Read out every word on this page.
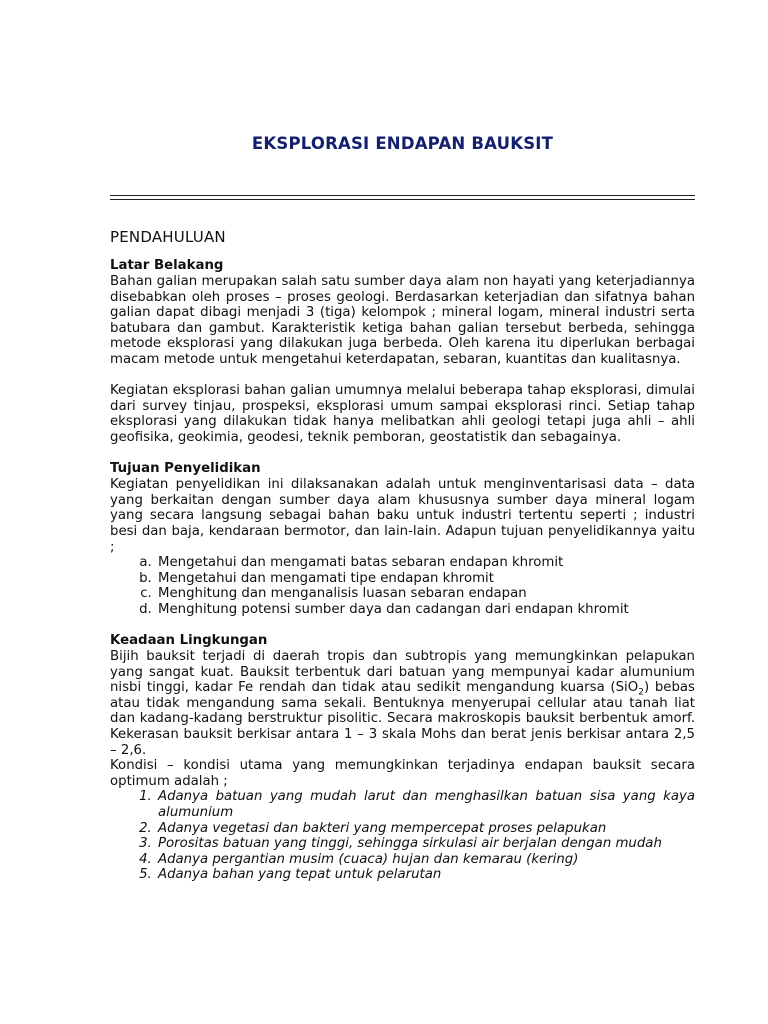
EKSPLORASI ENDAPAN BAUKSIT
PENDAHULUAN
Latar Belakang

Bahan galian merupakan salah satu sumber daya alam non hayati yang keterjadiannya disebabkan oleh proses – proses geologi. Berdasarkan keterjadian dan sifatnya bahan galian dapat dibagi menjadi 3 (tiga) kelompok ; mineral logam, mineral industri serta batubara dan gambut. Karakteristik ketiga bahan galian tersebut berbeda, sehingga metode eksplorasi yang dilakukan juga berbeda. Oleh karena itu diperlukan berbagai macam metode untuk mengetahui keterdapatan, sebaran, kuantitas dan kualitasnya.

Kegiatan eksplorasi bahan galian umumnya melalui beberapa tahap eksplorasi, dimulai dari survey tinjau, prospeksi, eksplorasi umum sampai eksplorasi rinci. Setiap tahap eksplorasi yang dilakukan tidak hanya melibatkan ahli geologi tetapi juga ahli – ahli geofisika, geokimia, geodesi, teknik pemboran, geostatistik dan sebagainya.

Tujuan Penyelidikan

Kegiatan penyelidikan ini dilaksanakan adalah untuk menginventarisasi data – data yang berkaitan dengan sumber daya alam khususnya sumber daya mineral logam yang secara langsung sebagai bahan baku untuk industri tertentu seperti ; industri besi dan baja, kendaraan bermotor, dan lain-lain. Adapun tujuan penyelidikannya yaitu ;

a. Mengetahui dan mengamati batas sebaran endapan khromit
b. Mengetahui dan mengamati tipe endapan khromit
c. Menghitung dan menganalisis luasan sebaran endapan
d. Menghitung potensi sumber daya dan cadangan dari endapan khromit
Keadaan Lingkungan

Bijih bauksit terjadi di daerah tropis dan subtropis yang memungkinkan pelapukan yang sangat kuat. Bauksit terbentuk dari batuan yang mempunyai kadar alumunium nisbi tinggi, kadar Fe rendah dan tidak atau sedikit mengandung kuarsa (SiO$_2$) bebas atau tidak mengandung sama sekali. Bentuknya menyerupai cellular atau tanah liat dan kadang-kadang berstruktur pisolitic. Secara makroskopis bauksit berbentuk amorf. Kekerasan bauksit berkisar antara 1 – 3 skala Mohs dan berat jenis berkisar antara 2,5 – 2,6.

Kondisi – kondisi utama yang memungkinkan terjadinya endapan bauksit secara optimum adalah ;

1. Adanya batuan yang mudah larut dan menghasilkan batuan sisa yang kaya alumunium
2. Adanya vegetasi dan bakteri yang mempercepat proses pelapukan
3. Porositas batuan yang tinggi, sehingga sirkulasi air berjalan dengan mudah
4. Adanya pergantian musim (cuaca) hujan dan kemarau (kering)
5. Adanya bahan yang tepat untuk pelarutan
